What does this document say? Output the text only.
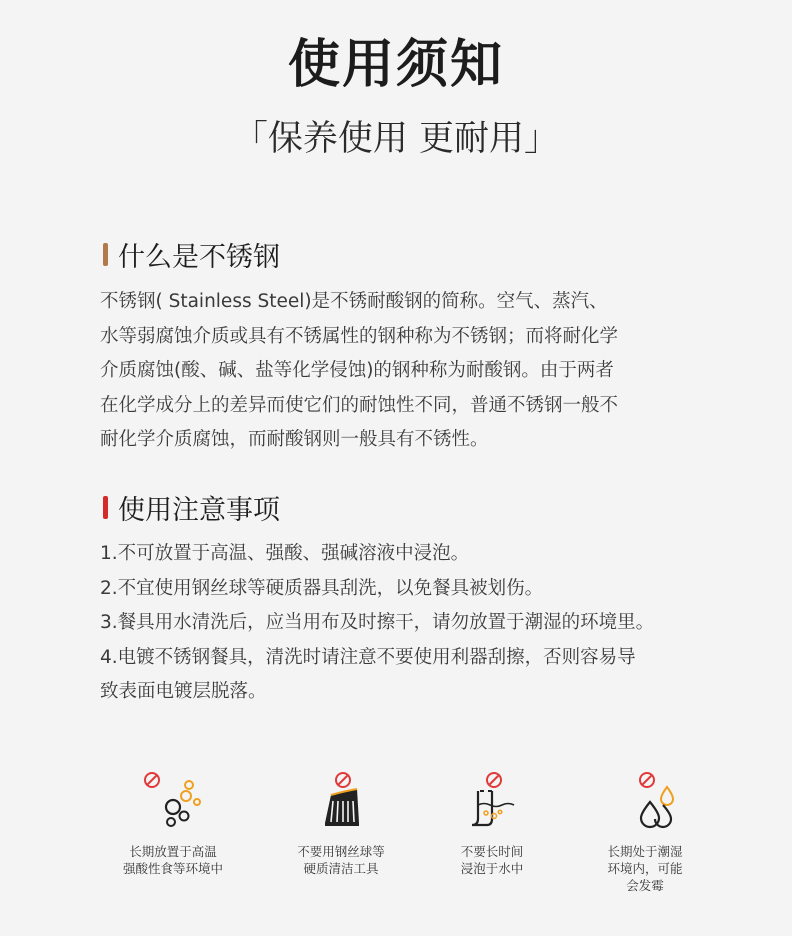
使用须知
「保养使用 更耐用」
什么是不锈钢
不锈钢( Stainless Steel)是不锈耐酸钢的简称。空气、蒸汽、
水等弱腐蚀介质或具有不锈属性的钢种称为不锈钢；而将耐化学
介质腐蚀(酸、碱、盐等化学侵蚀)的钢种称为耐酸钢。由于两者
在化学成分上的差异而使它们的耐蚀性不同，普通不锈钢一般不
耐化学介质腐蚀，而耐酸钢则一般具有不锈性。
使用注意事项
1.不可放置于高温、强酸、强碱溶液中浸泡。
2.不宜使用钢丝球等硬质器具刮洗，以免餐具被划伤。
3.餐具用水清洗后，应当用布及时擦干，请勿放置于潮湿的环境里。
4.电镀不锈钢餐具，清洗时请注意不要使用利器刮擦，否则容易导
致表面电镀层脱落。
长期放置于高温
强酸性食等环境中
不要用钢丝球等
硬质清洁工具
不要长时间
浸泡于水中
长期处于潮湿
环境内，可能
会发霉
